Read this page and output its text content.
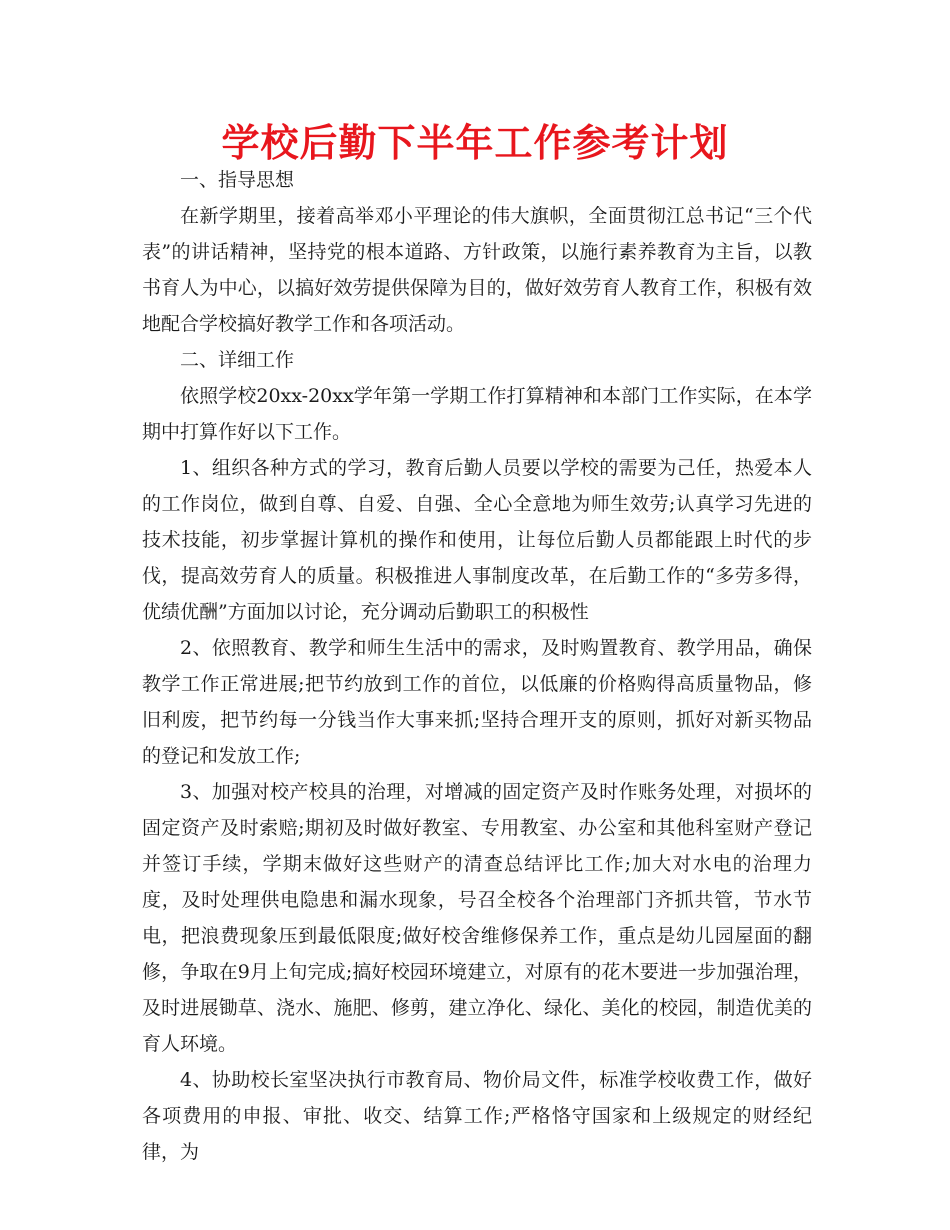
学校后勤下半年工作参考计划

一、指导思想

在新学期里，接着高举邓小平理论的伟大旗帜，全面贯彻江总书记“三个代表”的讲话精神，坚持党的根本道路、方针政策，以施行素养教育为主旨，以教书育人为中心，以搞好效劳提供保障为目的，做好效劳育人教育工作，积极有效地配合学校搞好教学工作和各项活动。

二、详细工作

依照学校20xx-20xx学年第一学期工作打算精神和本部门工作实际，在本学期中打算作好以下工作。

1、组织各种方式的学习，教育后勤人员要以学校的需要为己任，热爱本人的工作岗位，做到自尊、自爱、自强、全心全意地为师生效劳;认真学习先进的技术技能，初步掌握计算机的操作和使用，让每位后勤人员都能跟上时代的步伐，提高效劳育人的质量。积极推进人事制度改革，在后勤工作的“多劳多得，优绩优酬”方面加以讨论，充分调动后勤职工的积极性

2、依照教育、教学和师生生活中的需求，及时购置教育、教学用品，确保教学工作正常进展;把节约放到工作的首位，以低廉的价格购得高质量物品，修旧利废，把节约每一分钱当作大事来抓;坚持合理开支的原则，抓好对新买物品的登记和发放工作;

3、加强对校产校具的治理，对增减的固定资产及时作账务处理，对损坏的固定资产及时索赔;期初及时做好教室、专用教室、办公室和其他科室财产登记并签订手续，学期末做好这些财产的清查总结评比工作;加大对水电的治理力度，及时处理供电隐患和漏水现象，号召全校各个治理部门齐抓共管，节水节电，把浪费现象压到最低限度;做好校舍维修保养工作，重点是幼儿园屋面的翻修，争取在9月上旬完成;搞好校园环境建立，对原有的花木要进一步加强治理，及时进展锄草、浇水、施肥、修剪，建立净化、绿化、美化的校园，制造优美的育人环境。

4、协助校长室坚决执行市教育局、物价局文件，标准学校收费工作，做好各项费用的申报、审批、收交、结算工作;严格恪守国家和上级规定的财经纪律，为
